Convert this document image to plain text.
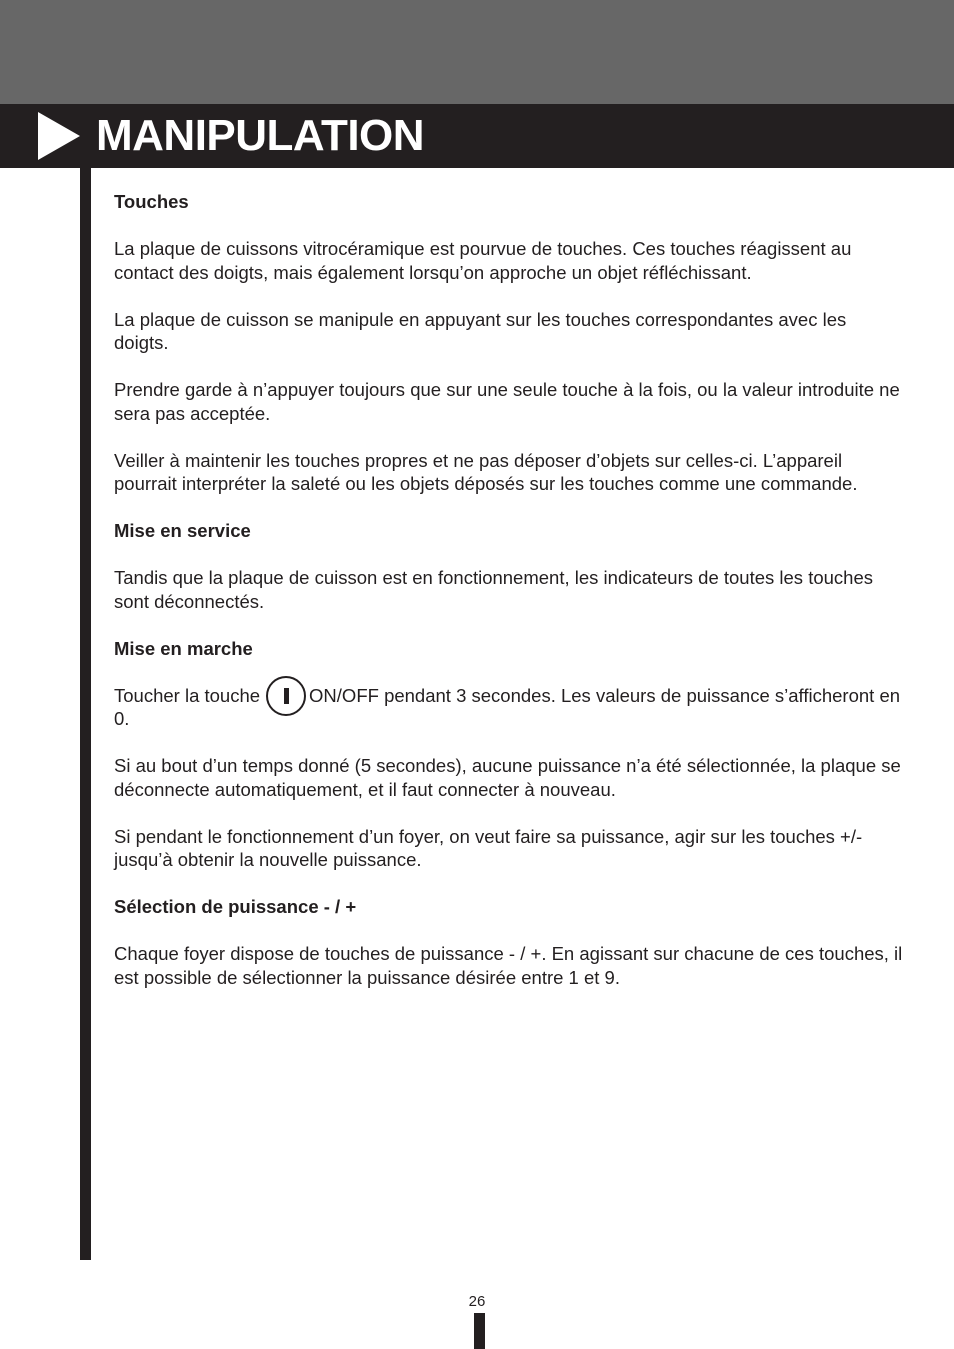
MANIPULATION

Touches

La plaque de cuissons vitrocéramique est pourvue de touches. Ces touches réagissent au contact des doigts, mais également lorsqu’on approche un objet réfléchissant.

La plaque de cuisson se manipule en appuyant sur les touches correspondantes avec les doigts.

Prendre garde à n’appuyer toujours que sur une seule touche à la fois, ou la valeur introduite ne sera pas acceptée.

Veiller à maintenir les touches propres et ne pas déposer d’objets sur celles-ci. L’appareil pourrait interpréter la saleté ou les objets déposés sur les touches comme une commande.

Mise en service

Tandis que la plaque de cuisson est en fonctionnement, les indicateurs de toutes les touches sont déconnectés.

Mise en marche

Toucher la touche	ON/OFF pendant 3 secondes. Les valeurs de puissance s’afficheront en 0.

Si au bout d’un temps donné (5 secondes), aucune puissance n’a été sélectionnée, la plaque se déconnecte automatiquement, et il faut connecter à nouveau.

Si pendant le fonctionnement d’un foyer, on veut faire sa puissance, agir sur les touches +/- jusqu’à obtenir la nouvelle puissance.

Sélection de puissance - / +

Chaque foyer dispose de touches de puissance - / +. En agissant sur chacune de ces touches, il est possible de sélectionner la puissance désirée entre 1 et 9.

26
